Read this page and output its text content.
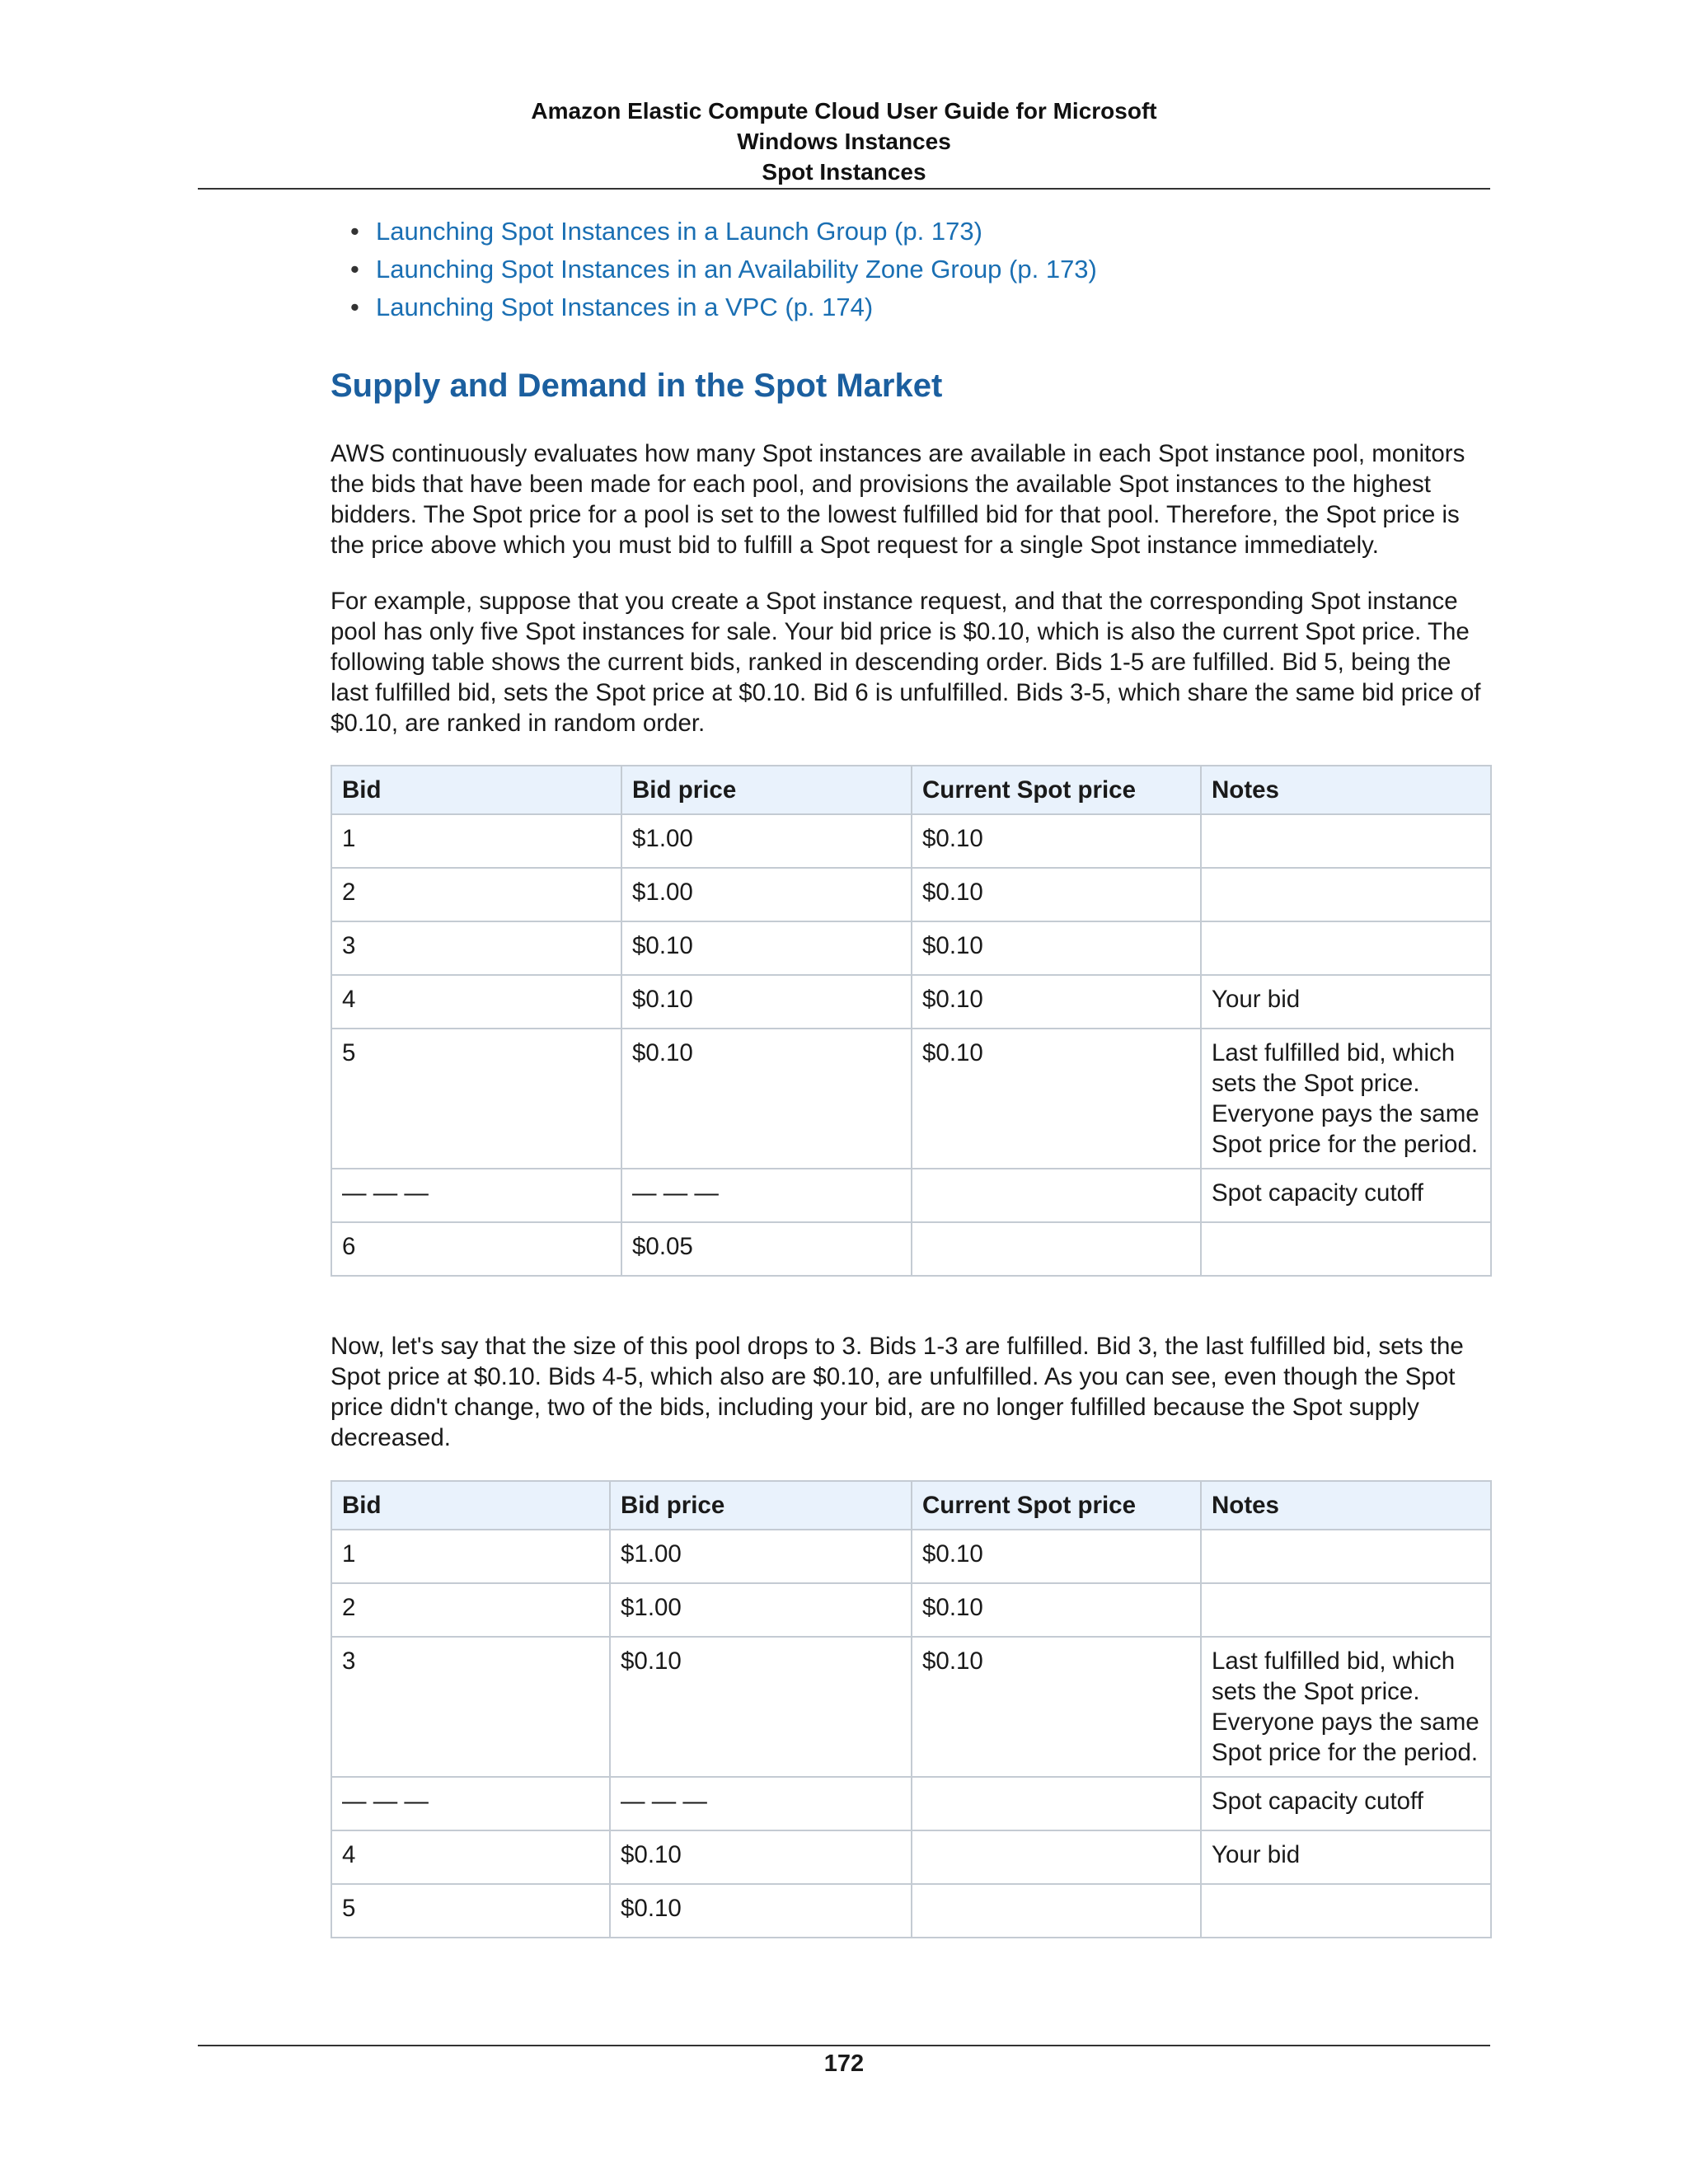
Amazon Elastic Compute Cloud User Guide for Microsoft
Windows Instances
Spot Instances
• Launching Spot Instances in a Launch Group (p. 173)
• Launching Spot Instances in an Availability Zone Group (p. 173)
• Launching Spot Instances in a VPC (p. 174)
Supply and Demand in the Spot Market

AWS continuously evaluates how many Spot instances are available in each Spot instance pool, monitors the bids that have been made for each pool, and provisions the available Spot instances to the highest bidders. The Spot price for a pool is set to the lowest fulfilled bid for that pool. Therefore, the Spot price is the price above which you must bid to fulfill a Spot request for a single Spot instance immediately.

For example, suppose that you create a Spot instance request, and that the corresponding Spot instance pool has only five Spot instances for sale. Your bid price is $0.10, which is also the current Spot price. The following table shows the current bids, ranked in descending order. Bids 1-5 are fulfilled. Bid 5, being the last fulfilled bid, sets the Spot price at $0.10. Bid 6 is unfulfilled. Bids 3-5, which share the same bid price of $0.10, are ranked in random order.

Bid	Bid price	Current Spot price	Notes
1	$1.00	$0.10	
2	$1.00	$0.10	
3	$0.10	$0.10	
4	$0.10	$0.10	Your bid
5	$0.10	$0.10	Last fulfilled bid, which sets the Spot price. Everyone pays the same Spot price for the period.
— — —	— — —		Spot capacity cutoff
6	$0.05		

Now, let's say that the size of this pool drops to 3. Bids 1-3 are fulfilled. Bid 3, the last fulfilled bid, sets the Spot price at $0.10. Bids 4-5, which also are $0.10, are unfulfilled. As you can see, even though the Spot price didn't change, two of the bids, including your bid, are no longer fulfilled because the Spot supply decreased.

Bid	Bid price	Current Spot price	Notes
1	$1.00	$0.10	
2	$1.00	$0.10	
3	$0.10	$0.10	Last fulfilled bid, which sets the Spot price. Everyone pays the same Spot price for the period.
— — —	— — —		Spot capacity cutoff
4	$0.10		Your bid
5	$0.10		
172
